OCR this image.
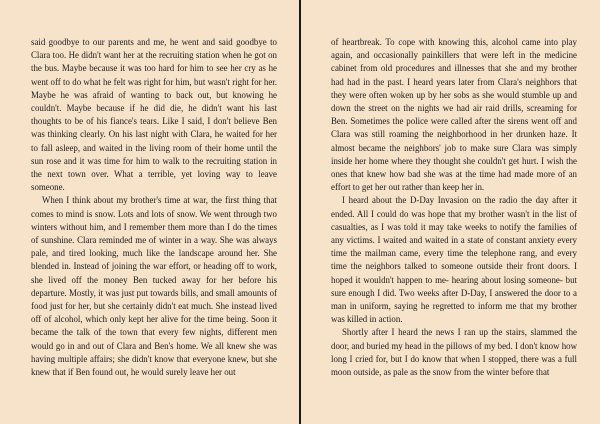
said goodbye to our parents and me, he went and said goodbye to Clara too. He didn't want her at the recruiting station when he got on the bus. Maybe because it was too hard for him to see her cry as he went off to do what he felt was right for him, but wasn't right for her. Maybe he was afraid of wanting to back out, but knowing he couldn't. Maybe because if he did die, he didn't want his last thoughts to be of his fiance's tears. Like I said, I don't believe Ben was thinking clearly. On his last night with Clara, he waited for her to fall asleep, and waited in the living room of their home until the sun rose and it was time for him to walk to the recruiting station in the next town over. What a terrible, yet loving way to leave someone.

When I think about my brother's time at war, the first thing that comes to mind is snow. Lots and lots of snow. We went through two winters without him, and I remember them more than I do the times of sunshine. Clara reminded me of winter in a way. She was always pale, and tired looking, much like the landscape around her. She blended in. Instead of joining the war effort, or heading off to work, she lived off the money Ben tucked away for her before his departure. Mostly, it was just put towards bills, and small amounts of food just for her, but she certainly didn't eat much. She instead lived off of alcohol, which only kept her alive for the time being. Soon it became the talk of the town that every few nights, different men would go in and out of Clara and Ben's home. We all knew she was having multiple affairs; she didn't know that everyone knew, but she knew that if Ben found out, he would surely leave her out

of heartbreak. To cope with knowing this, alcohol came into play again, and occasionally painkillers that were left in the medicine cabinet from old procedures and illnesses that she and my brother had had in the past. I heard years later from Clara's neighbors that they were often woken up by her sobs as she would stumble up and down the street on the nights we had air raid drills, screaming for Ben. Sometimes the police were called after the sirens went off and Clara was still roaming the neighborhood in her drunken haze. It almost became the neighbors' job to make sure Clara was simply inside her home where they thought she couldn't get hurt. I wish the ones that knew how bad she was at the time had made more of an effort to get her out rather than keep her in.

I heard about the D-Day Invasion on the radio the day after it ended. All I could do was hope that my brother wasn't in the list of casualties, as I was told it may take weeks to notify the families of any victims. I waited and waited in a state of constant anxiety every time the mailman came, every time the telephone rang, and every time the neighbors talked to someone outside their front doors. I hoped it wouldn't happen to me- hearing about losing someone- but sure enough I did. Two weeks after D-Day, I answered the door to a man in uniform, saying he regretted to inform me that my brother was killed in action.

Shortly after I heard the news I ran up the stairs, slammed the door, and buried my head in the pillows of my bed. I don't know how long I cried for, but I do know that when I stopped, there was a full moon outside, as pale as the snow from the winter before that
